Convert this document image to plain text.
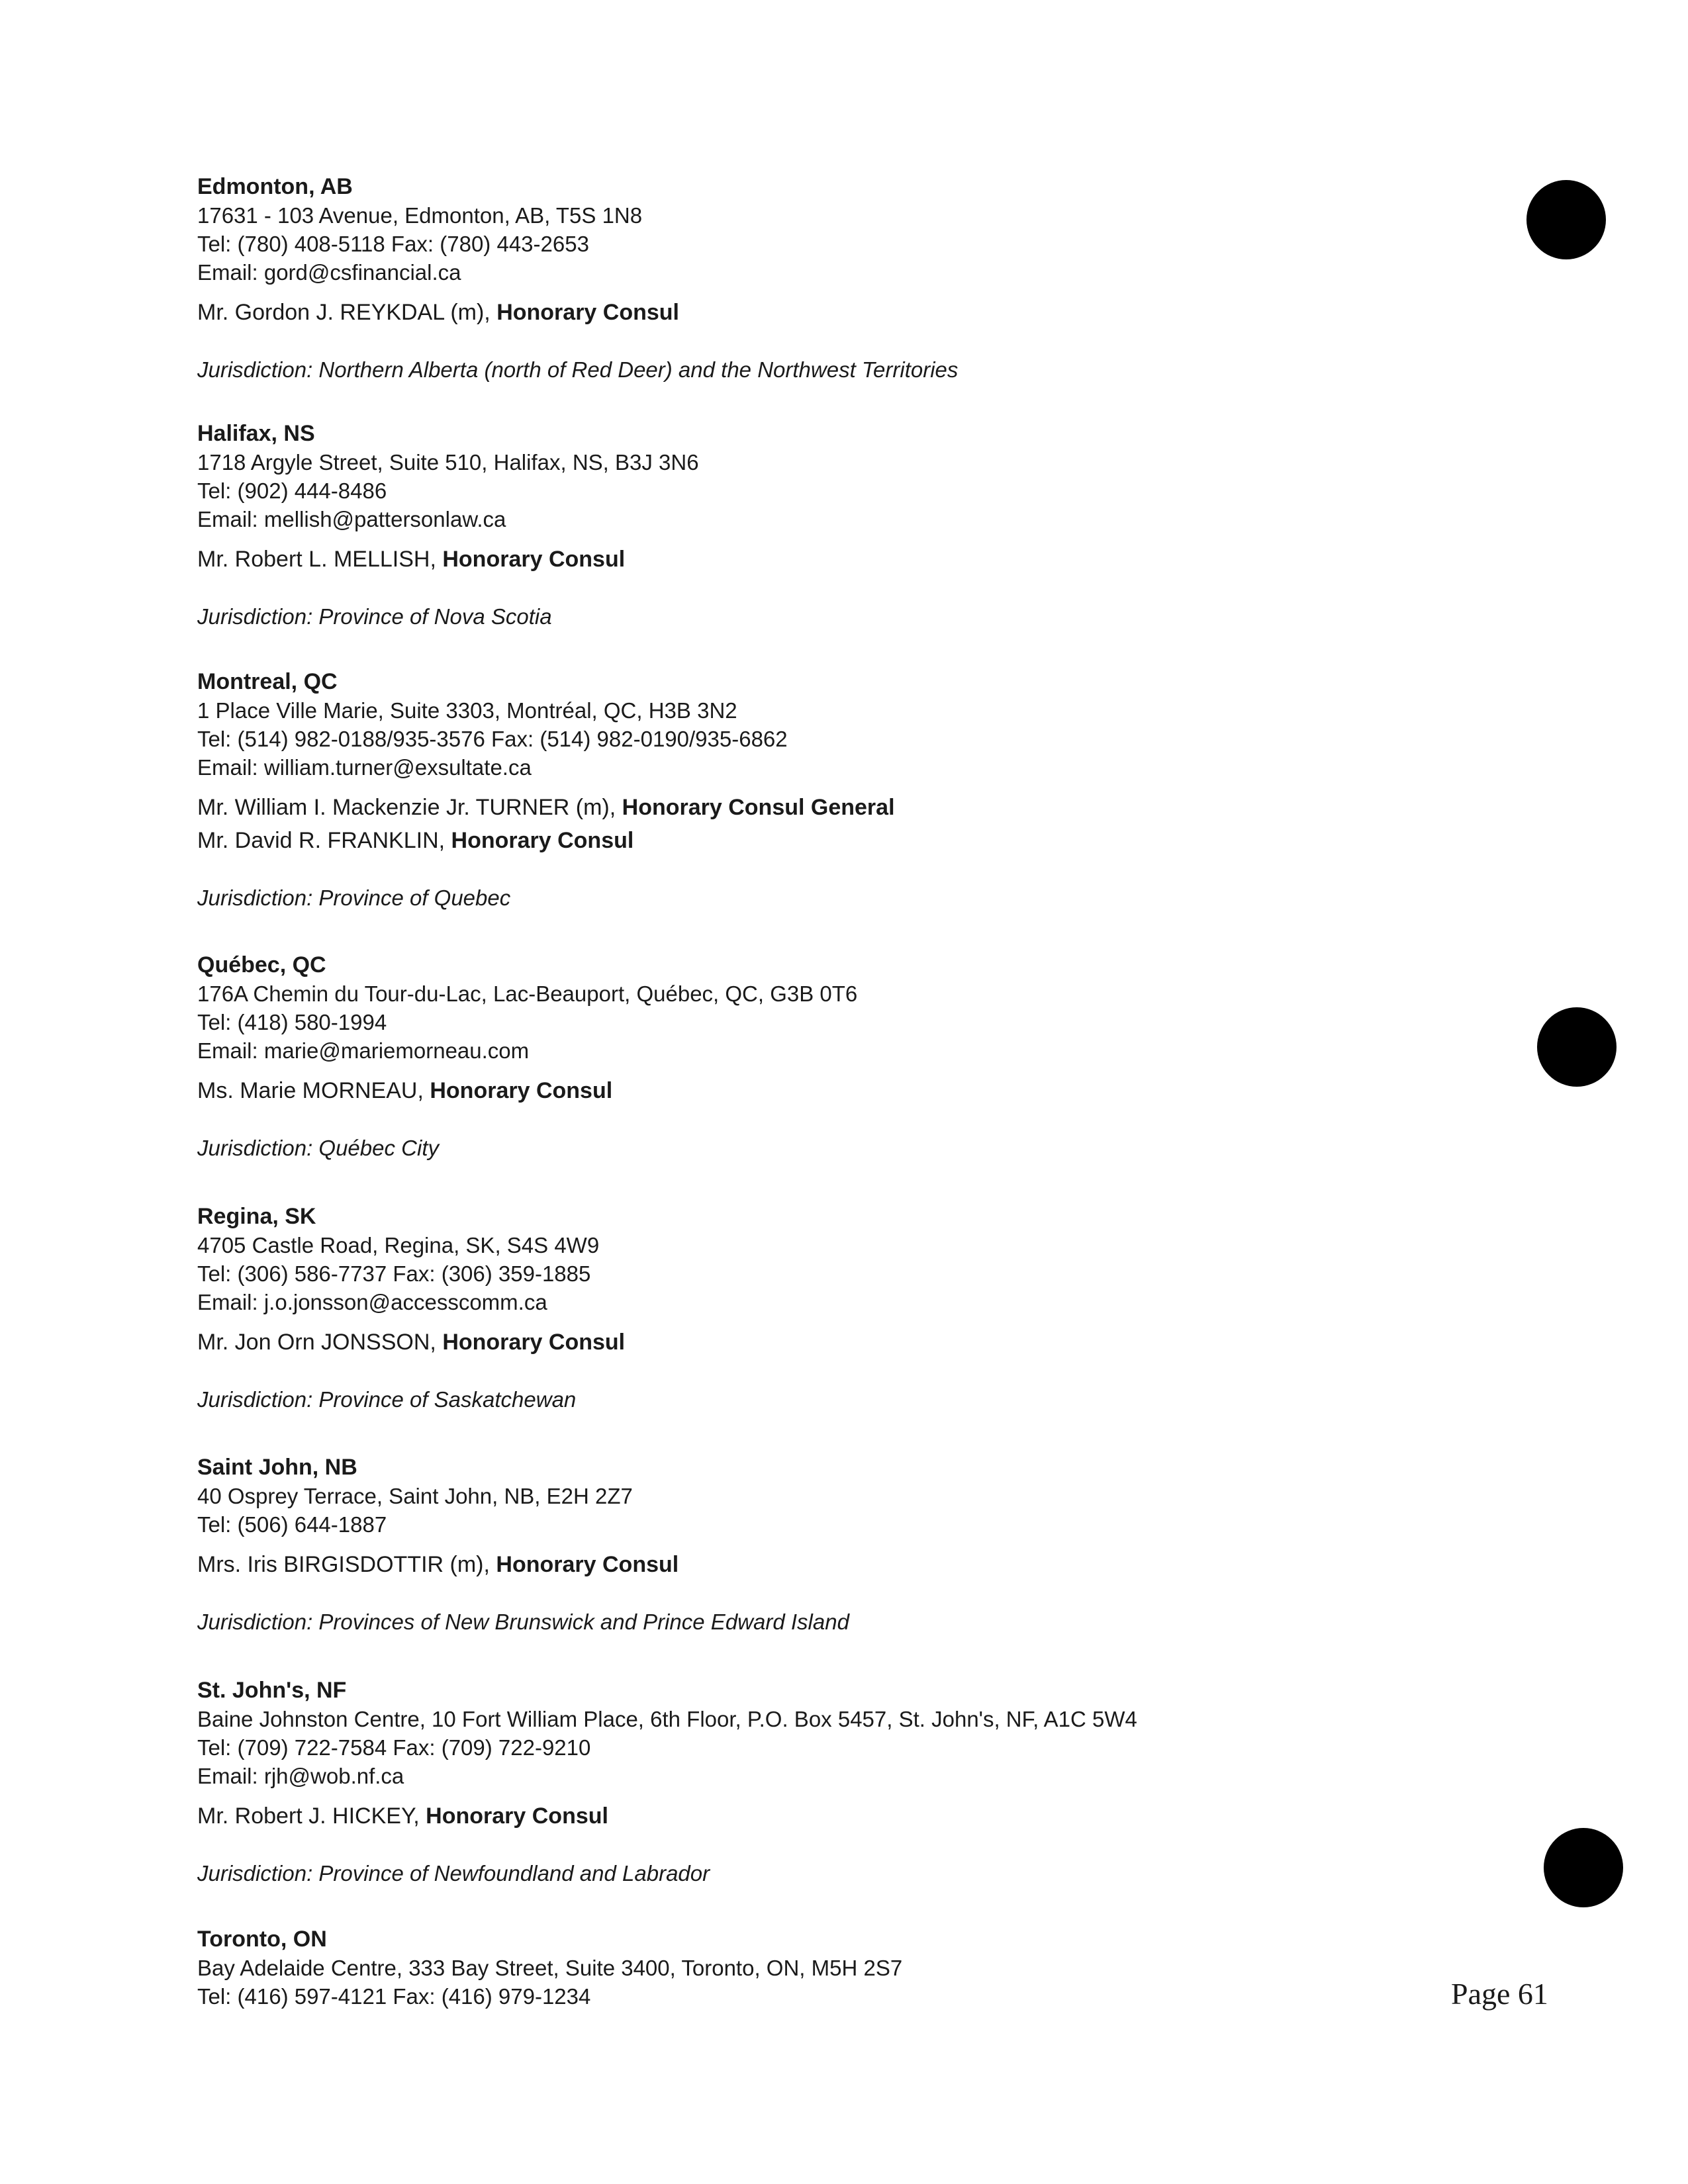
Edmonton, AB

17631 - 103 Avenue, Edmonton, AB, T5S 1N8

Tel: (780) 408-5118 Fax: (780) 443-2653

Email: gord@csfinancial.ca

Mr. Gordon J. REYKDAL (m), Honorary Consul

Jurisdiction: Northern Alberta (north of Red Deer) and the Northwest Territories

Halifax, NS

1718 Argyle Street, Suite 510, Halifax, NS, B3J 3N6

Tel: (902) 444-8486

Email: mellish@pattersonlaw.ca

Mr. Robert L. MELLISH, Honorary Consul

Jurisdiction: Province of Nova Scotia

Montreal, QC

1 Place Ville Marie, Suite 3303, Montréal, QC, H3B 3N2

Tel: (514) 982-0188/935-3576 Fax: (514) 982-0190/935-6862

Email: william.turner@exsultate.ca

Mr. William I. Mackenzie Jr. TURNER (m), Honorary Consul General

Mr. David R. FRANKLIN, Honorary Consul

Jurisdiction: Province of Quebec

Québec, QC

176A Chemin du Tour-du-Lac, Lac-Beauport, Québec, QC, G3B 0T6

Tel: (418) 580-1994

Email: marie@mariemorneau.com

Ms. Marie MORNEAU, Honorary Consul

Jurisdiction: Québec City

Regina, SK

4705 Castle Road, Regina, SK, S4S 4W9

Tel: (306) 586-7737 Fax: (306) 359-1885

Email: j.o.jonsson@accesscomm.ca

Mr. Jon Orn JONSSON, Honorary Consul

Jurisdiction: Province of Saskatchewan

Saint John, NB

40 Osprey Terrace, Saint John, NB, E2H 2Z7

Tel: (506) 644-1887

Mrs. Iris BIRGISDOTTIR (m), Honorary Consul

Jurisdiction: Provinces of New Brunswick and Prince Edward Island

St. John's, NF

Baine Johnston Centre, 10 Fort William Place, 6th Floor, P.O. Box 5457, St. John's, NF, A1C 5W4

Tel: (709) 722-7584 Fax: (709) 722-9210

Email: rjh@wob.nf.ca

Mr. Robert J. HICKEY, Honorary Consul

Jurisdiction: Province of Newfoundland and Labrador

Toronto, ON

Bay Adelaide Centre, 333 Bay Street, Suite 3400, Toronto, ON, M5H 2S7

Tel: (416) 597-4121 Fax: (416) 979-1234	Page 61
